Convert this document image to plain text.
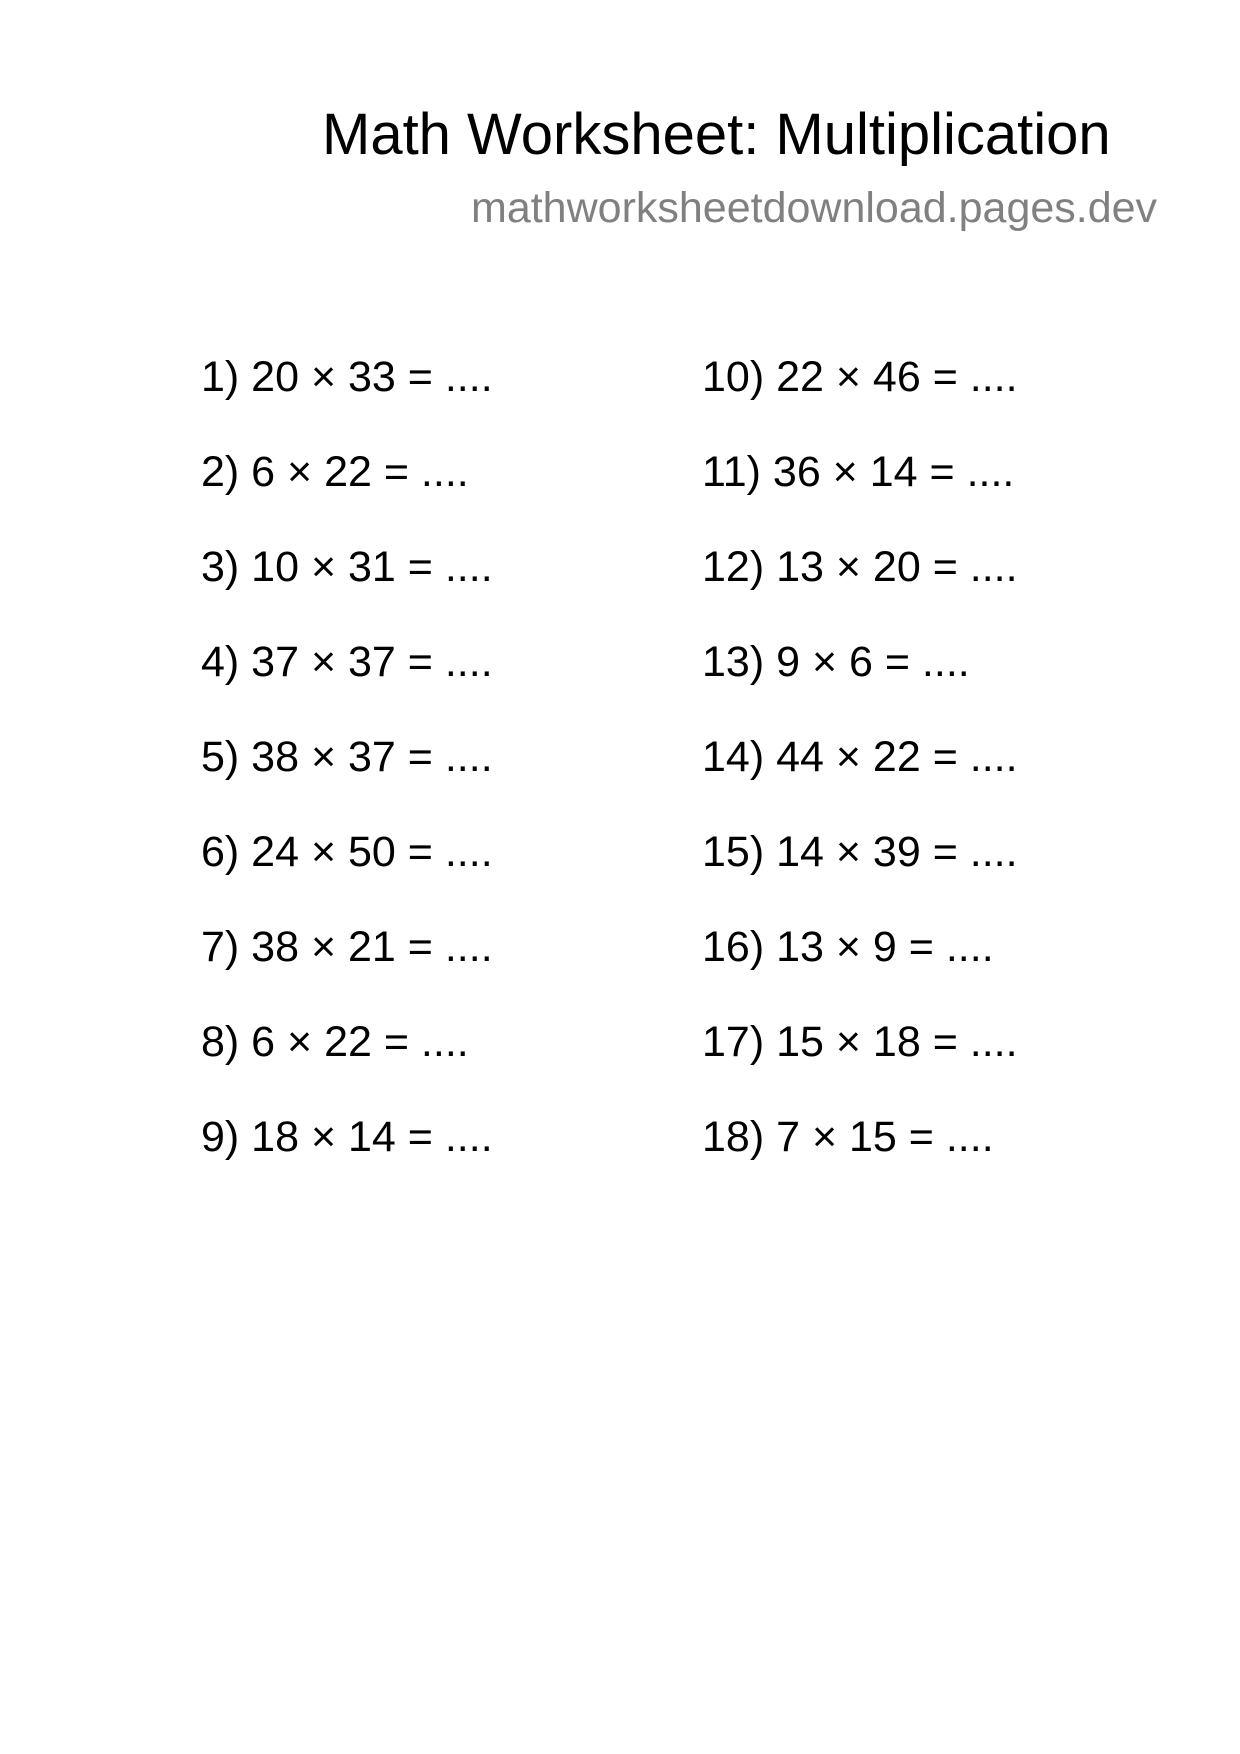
Math Worksheet: Multiplication
mathworksheetdownload.pages.dev
1) 20 × 33 = ....
2) 6 × 22 = ....
3) 10 × 31 = ....
4) 37 × 37 = ....
5) 38 × 37 = ....
6) 24 × 50 = ....
7) 38 × 21 = ....
8) 6 × 22 = ....
9) 18 × 14 = ....
10) 22 × 46 = ....
11) 36 × 14 = ....
12) 13 × 20 = ....
13) 9 × 6 = ....
14) 44 × 22 = ....
15) 14 × 39 = ....
16) 13 × 9 = ....
17) 15 × 18 = ....
18) 7 × 15 = ....
